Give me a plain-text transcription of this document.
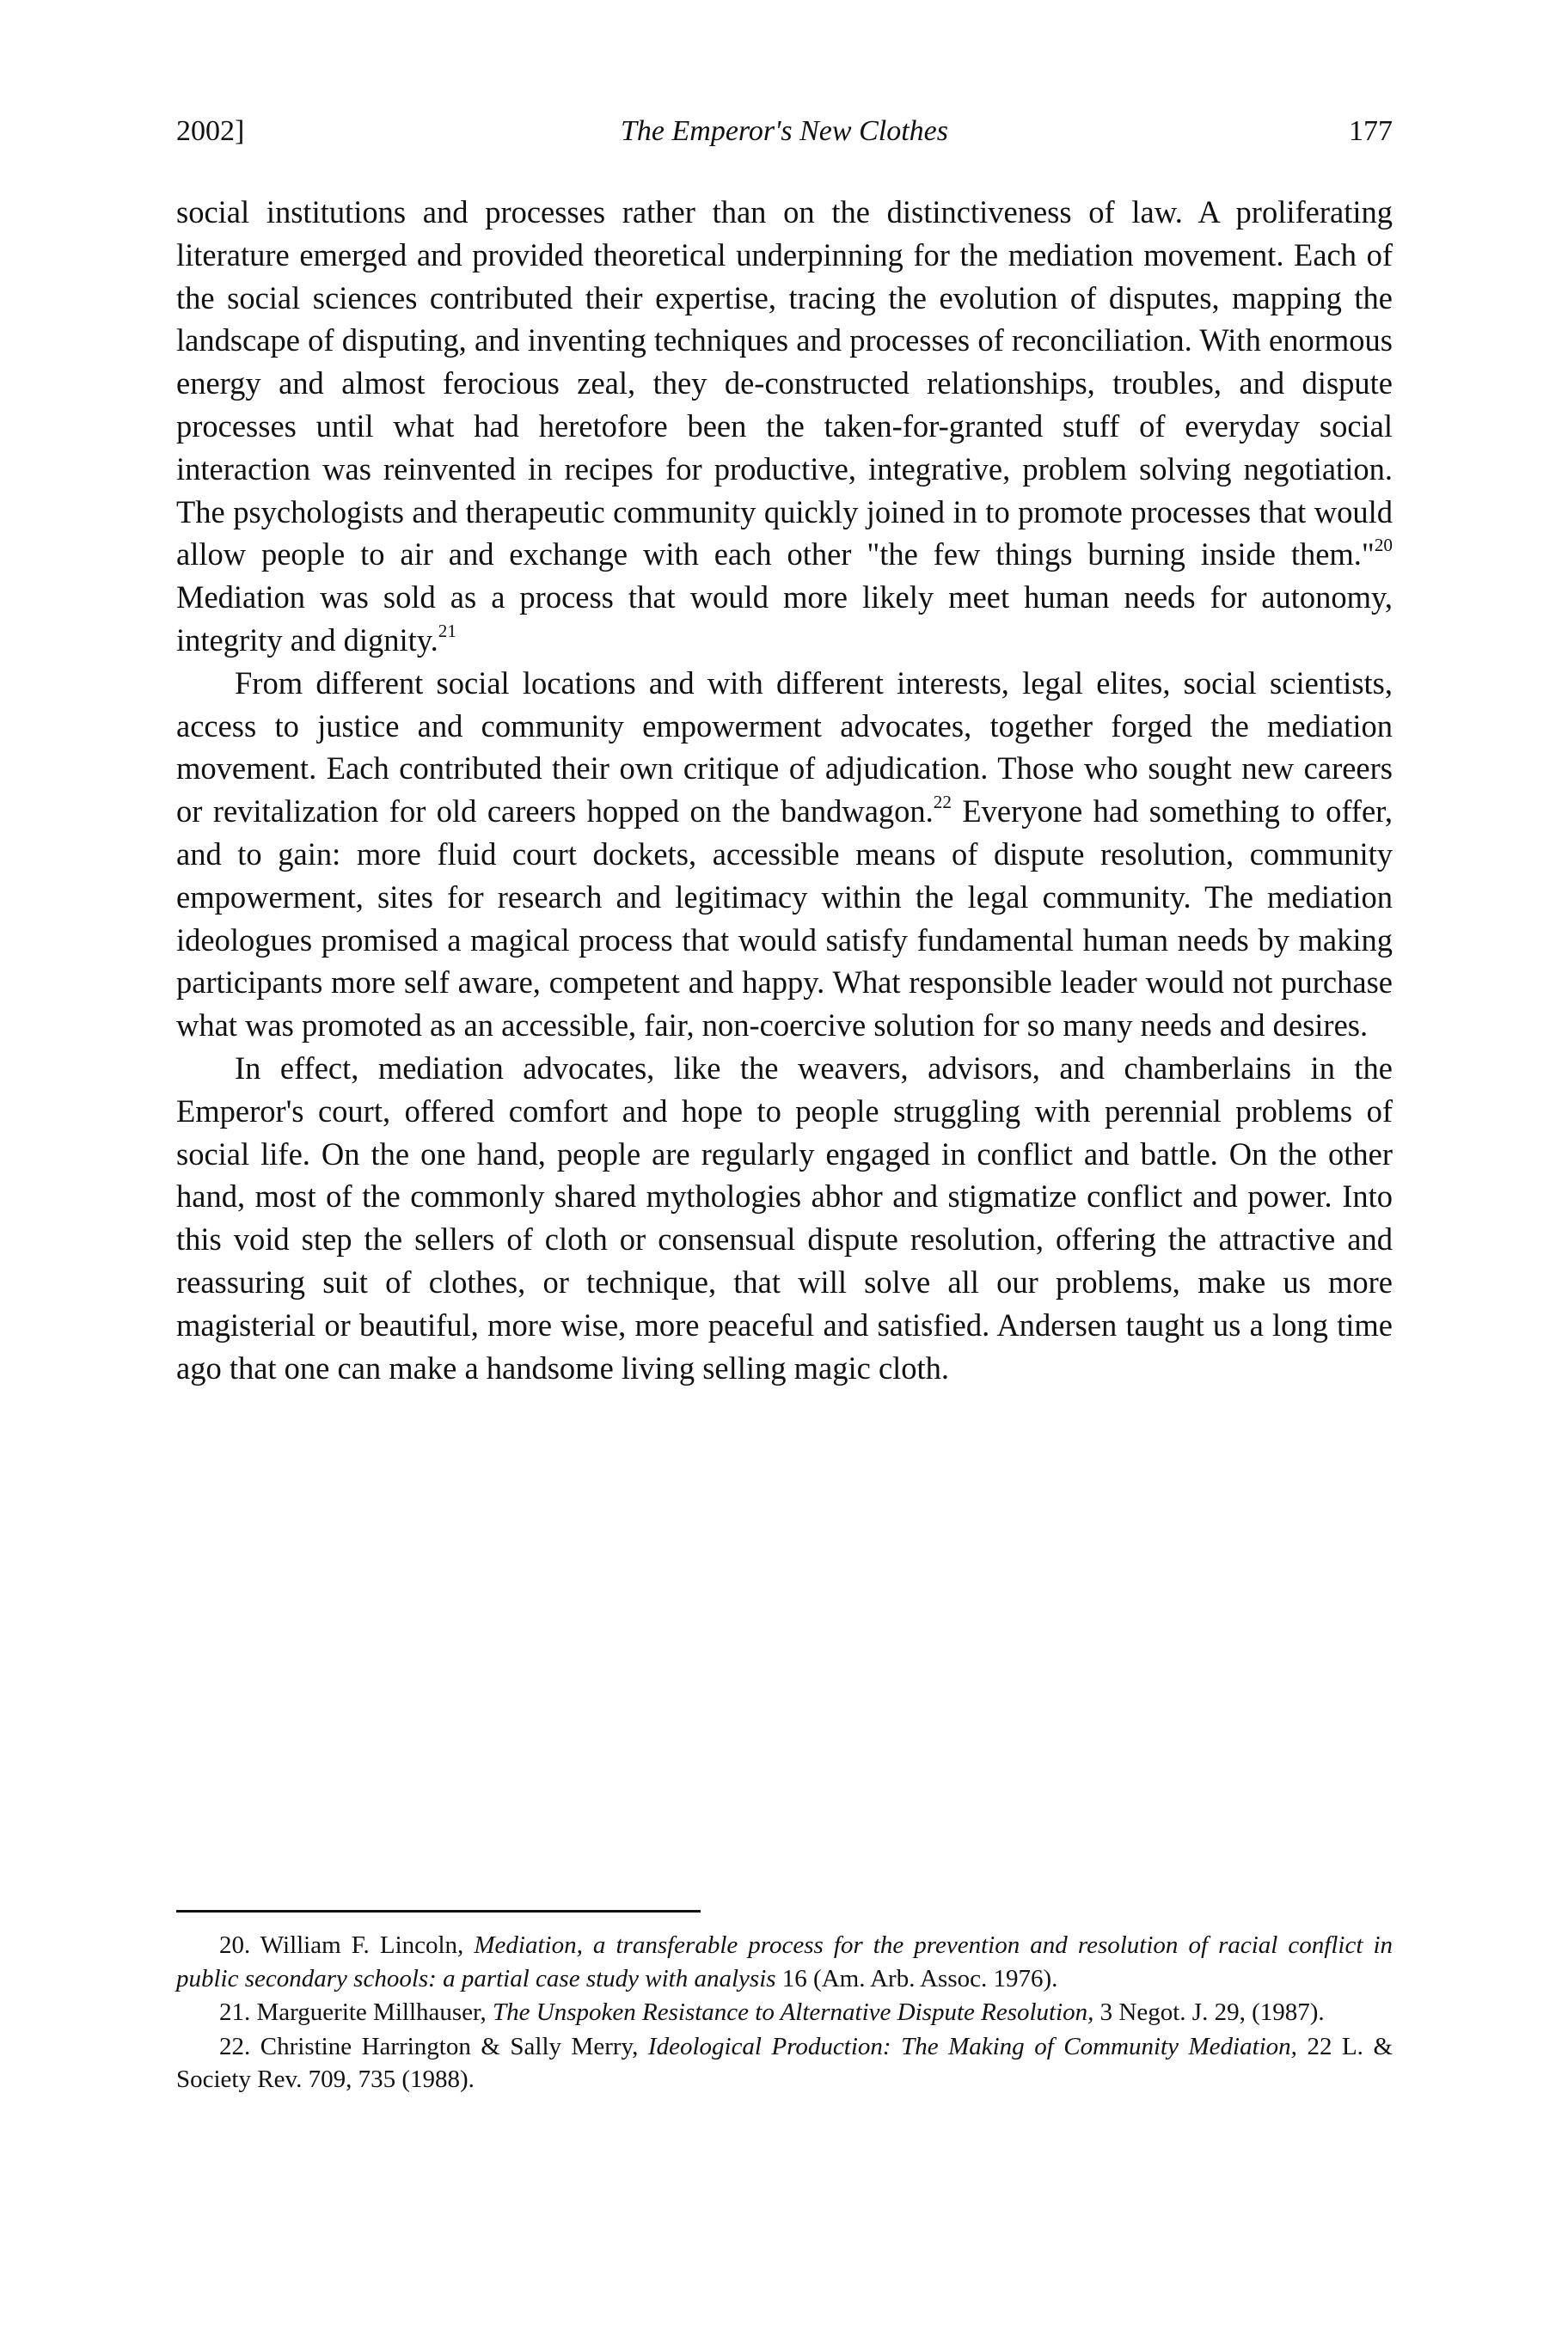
2002]	The Emperor's New Clothes	177

social institutions and processes rather than on the distinctiveness of law. A proliferating literature emerged and provided theoretical underpinning for the mediation movement. Each of the social sciences contributed their expertise, tracing the evolution of disputes, mapping the landscape of disputing, and inventing techniques and processes of reconciliation. With enormous energy and almost ferocious zeal, they de-constructed relationships, troubles, and dispute processes until what had heretofore been the taken-for-granted stuff of everyday social interaction was reinvented in recipes for productive, integrative, problem solving negotiation. The psychologists and therapeutic community quickly joined in to promote processes that would allow people to air and exchange with each other "the few things burning inside them."$^{20}$ Mediation was sold as a process that would more likely meet human needs for autonomy, integrity and dignity.$^{21}$

From different social locations and with different interests, legal elites, social scientists, access to justice and community empowerment advocates, together forged the mediation movement. Each contributed their own critique of adjudication. Those who sought new careers or revitalization for old careers hopped on the bandwagon.$^{22}$ Everyone had something to offer, and to gain: more fluid court dockets, accessible means of dispute resolution, community empowerment, sites for research and legitimacy within the legal community. The mediation ideologues promised a magical process that would satisfy fundamental human needs by making participants more self aware, competent and happy. What responsible leader would not purchase what was promoted as an accessible, fair, non-coercive solution for so many needs and desires.

In effect, mediation advocates, like the weavers, advisors, and chamberlains in the Emperor's court, offered comfort and hope to people struggling with perennial problems of social life. On the one hand, people are regularly engaged in conflict and battle. On the other hand, most of the commonly shared mythologies abhor and stigmatize conflict and power. Into this void step the sellers of cloth or consensual dispute resolution, offering the attractive and reassuring suit of clothes, or technique, that will solve all our problems, make us more magisterial or beautiful, more wise, more peaceful and satisfied. Andersen taught us a long time ago that one can make a handsome living selling magic cloth.

20. William F. Lincoln, Mediation, a transferable process for the prevention and resolution of racial conflict in public secondary schools: a partial case study with analysis 16 (Am. Arb. Assoc. 1976).

21. Marguerite Millhauser, The Unspoken Resistance to Alternative Dispute Resolution, 3 Negot. J. 29, (1987).

22. Christine Harrington & Sally Merry, Ideological Production: The Making of Community Mediation, 22 L. & Society Rev. 709, 735 (1988).
